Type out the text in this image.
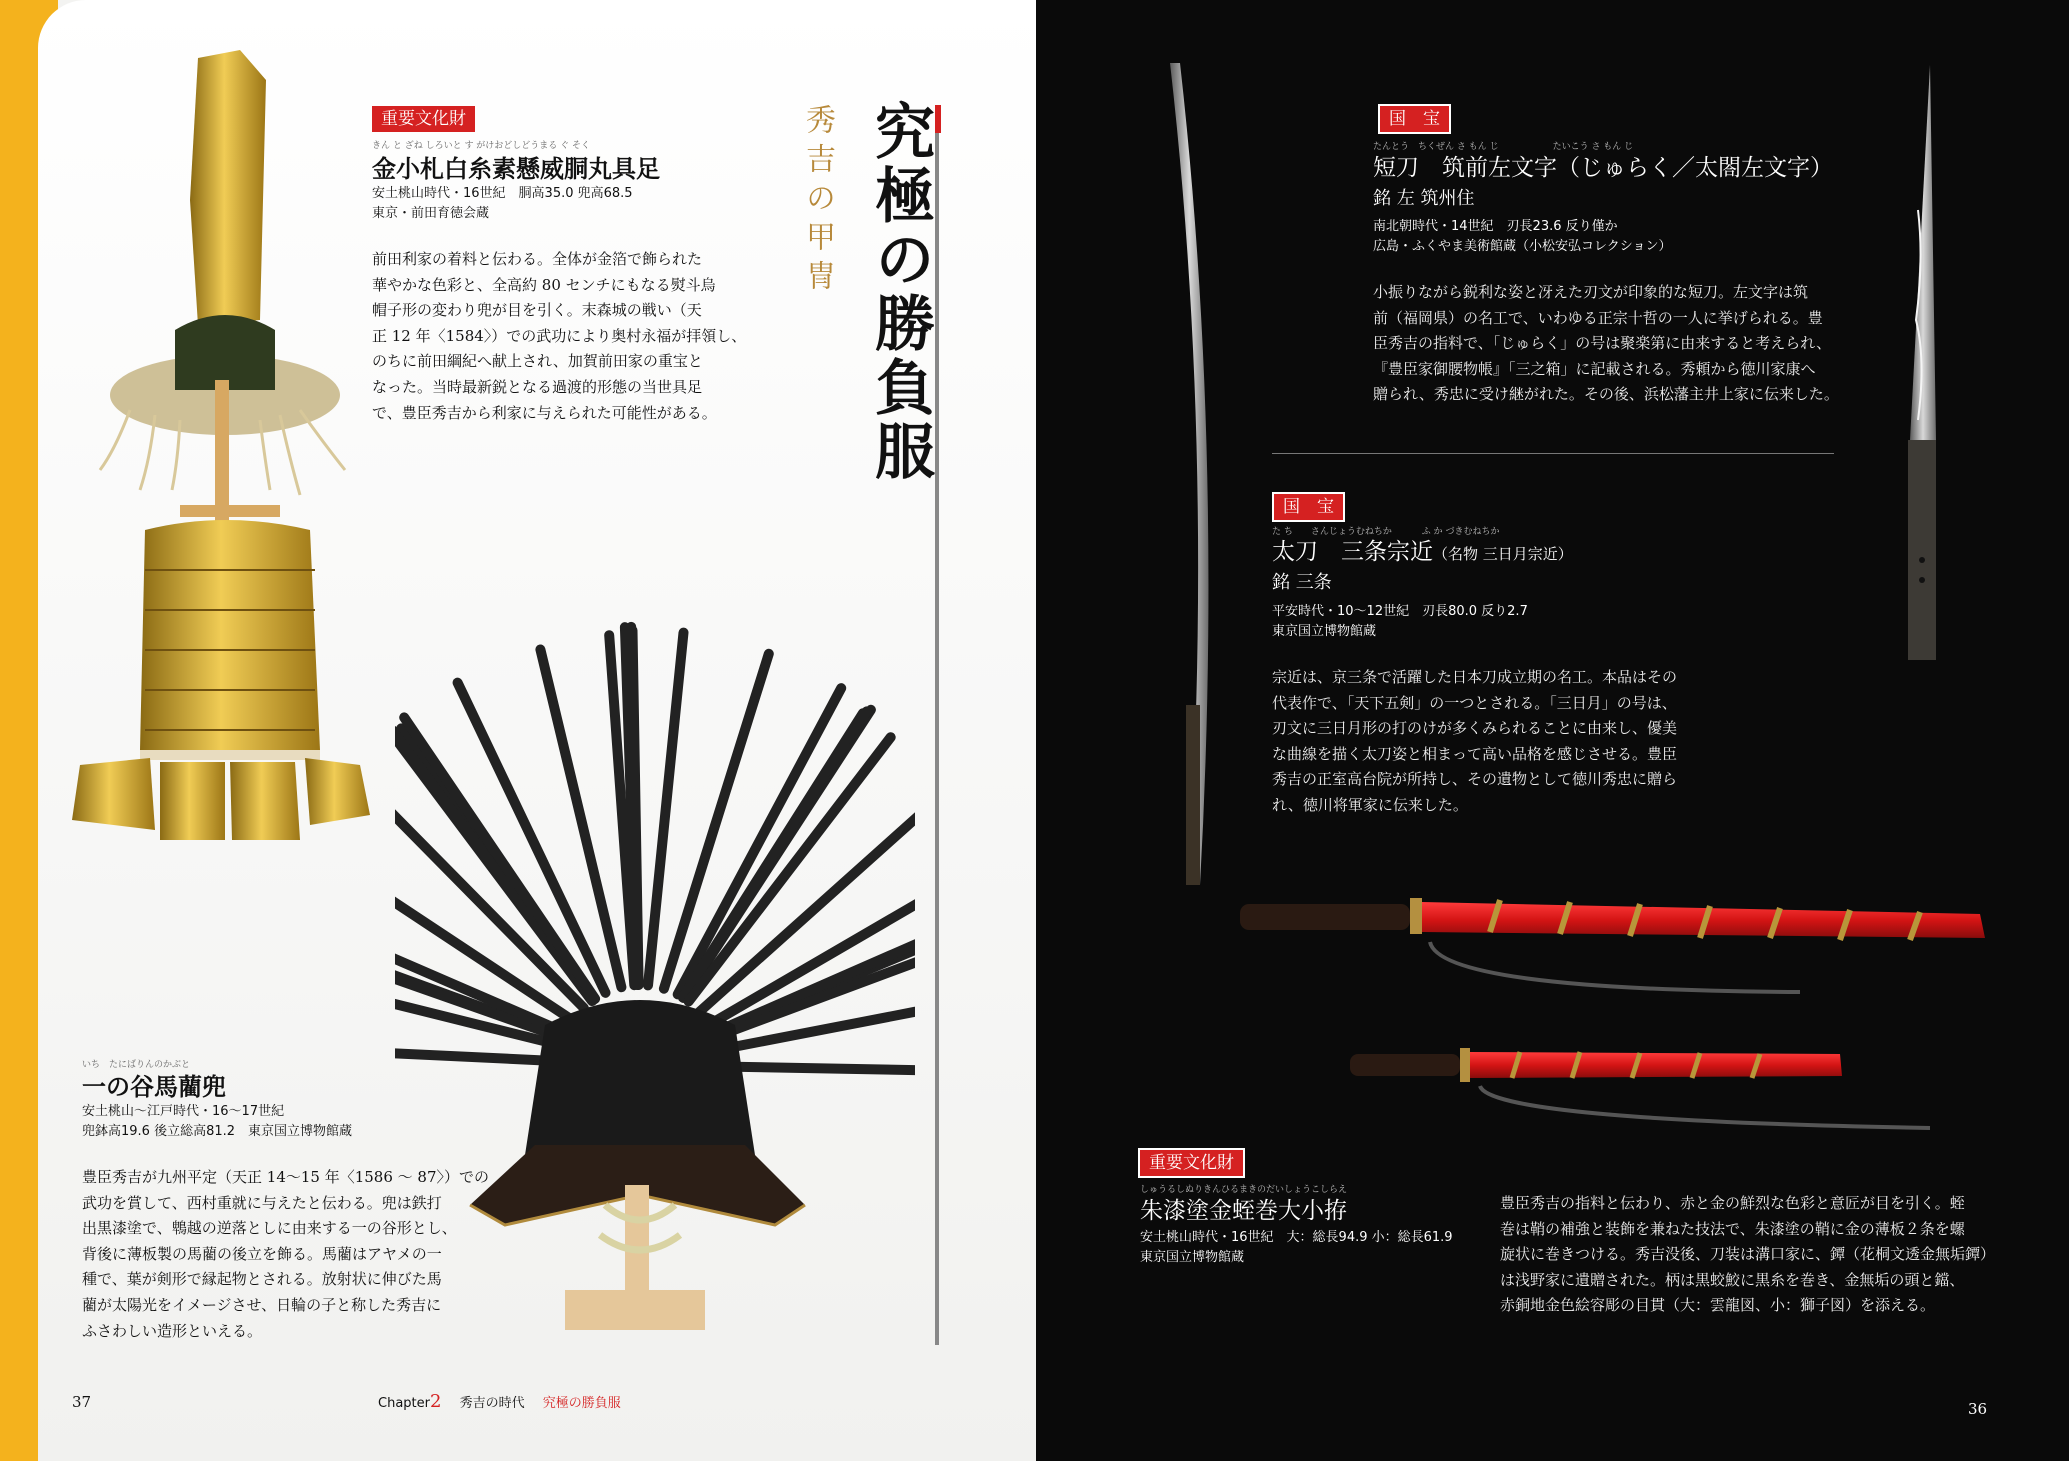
重要文化財
きん と ざね しろいと す がけおどしどうまる ぐ そく
金小札白糸素懸威胴丸具足
安土桃山時代・16世紀　胴高35.0 兜高68.5
東京・前田育徳会蔵
前田利家の着料と伝わる。全体が金箔で飾られた
華やかな色彩と、全高約 80 センチにもなる熨斗烏
帽子形の変わり兜が目を引く。末森城の戦い（天
正 12 年〈1584〉）での武功により奥村永福が拝領し、
のちに前田綱紀へ献上され、加賀前田家の重宝と
なった。当時最新鋭となる過渡的形態の当世具足
で、豊臣秀吉から利家に与えられた可能性がある。	究極の勝負服
秀吉の甲冑
いち　たにばりんのかぶと
一の谷馬藺兜
安土桃山～江戸時代・16～17世紀
兜鉢高19.6 後立総高81.2　東京国立博物館蔵
豊臣秀吉が九州平定（天正 14～15 年〈1586 ～ 87〉）での
武功を賞して、西村重就に与えたと伝わる。兜は鉄打
出黒漆塗で、鵯越の逆落としに由来する一の谷形とし、
背後に薄板製の馬藺の後立を飾る。馬藺はアヤメの一
種で、葉が剣形で縁起物とされる。放射状に伸びた馬
藺が太陽光をイメージさせ、日輪の子と称した秀吉に
ふさわしい造形といえる。
37	Chapter2 秀吉の時代 究極の勝負服
国　宝
たんとう　ちくぜん さ もん じ　　　　　　たいこう さ もん じ
短刀　筑前左文字（じゅらく／太閤左文字）
銘 左 筑州住
南北朝時代・14世紀　刃長23.6 反り僅か
広島・ふくやま美術館蔵（小松安弘コレクション）
小振りながら鋭利な姿と冴えた刃文が印象的な短刀。左文字は筑
前（福岡県）の名工で、いわゆる正宗十哲の一人に挙げられる。豊
臣秀吉の指料で、「じゅらく」の号は聚楽第に由来すると考えられ、
『豊臣家御腰物帳』「三之箱」に記載される。秀頼から徳川家康へ
贈られ、秀忠に受け継がれた。その後、浜松藩主井上家に伝来した。
国　宝
た ち　　さんじょうむねちか　　　 ふ か づきむねちか
太刀　三条宗近（名物 三日月宗近）
銘 三条
平安時代・10～12世紀　刃長80.0 反り2.7
東京国立博物館蔵
宗近は、京三条で活躍した日本刀成立期の名工。本品はその
代表作で、「天下五剣」の一つとされる。「三日月」の号は、
刃文に三日月形の打のけが多くみられることに由来し、優美
な曲線を描く太刀姿と相まって高い品格を感じさせる。豊臣
秀吉の正室高台院が所持し、その遺物として徳川秀忠に贈ら
れ、徳川将軍家に伝来した。
重要文化財
しゅうるしぬりきんひるまきのだいしょうこしらえ
朱漆塗金蛭巻大小拵
安土桃山時代・16世紀　大：総長94.9 小：総長61.9
東京国立博物館蔵
豊臣秀吉の指料と伝わり、赤と金の鮮烈な色彩と意匠が目を引く。蛭
巻は鞘の補強と装飾を兼ねた技法で、朱漆塗の鞘に金の薄板２条を螺
旋状に巻きつける。秀吉没後、刀装は溝口家に、鐔（花桐文透金無垢鐔）
は浅野家に遺贈された。柄は黒蛟鮫に黒糸を巻き、金無垢の頭と鐺、
赤銅地金色絵容彫の目貫（大：雲龍図、小：獅子図）を添える。
36
